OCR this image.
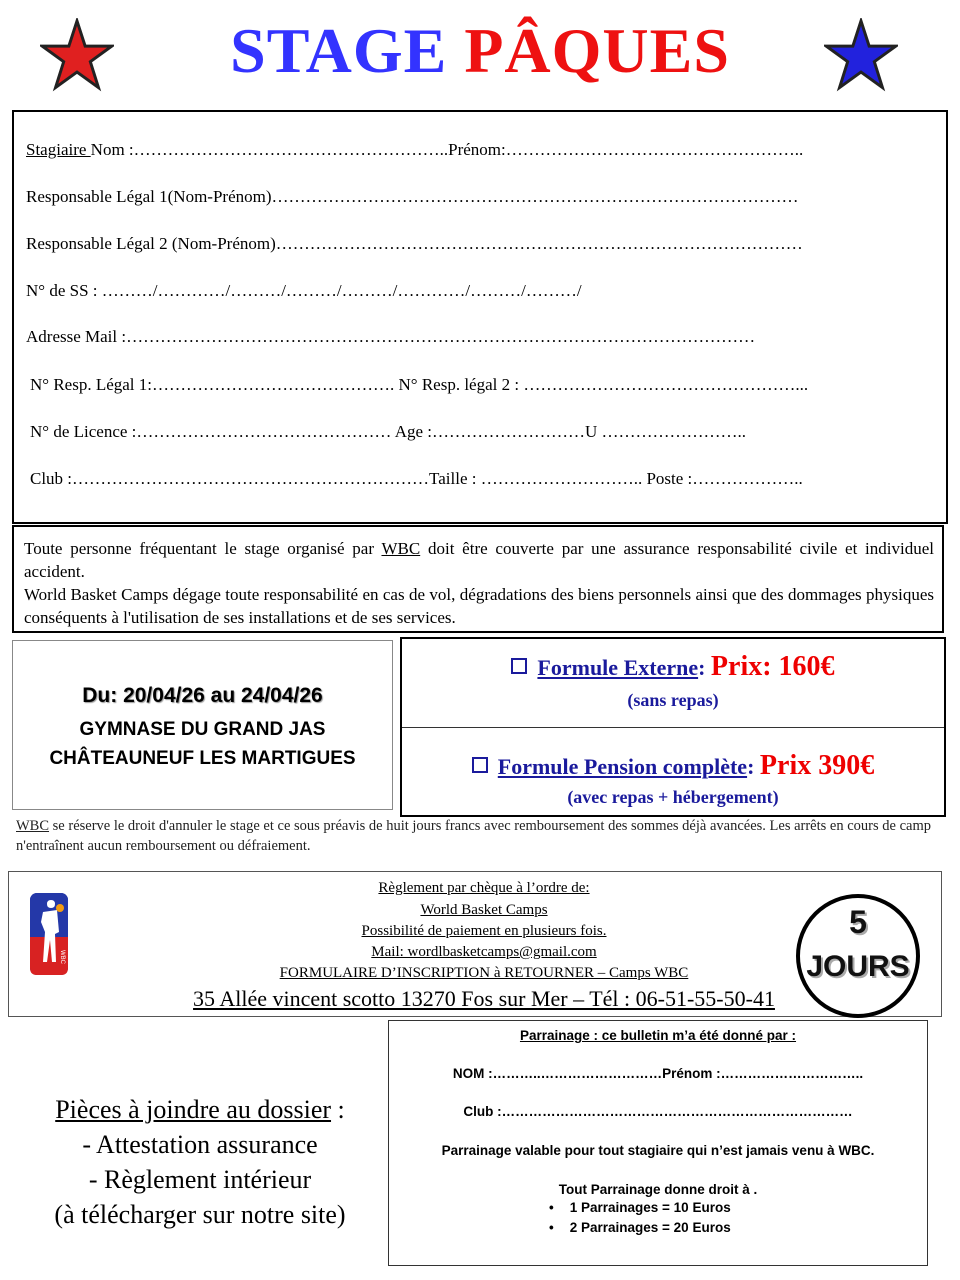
STAGE PÂQUES
Stagiaire Nom :………………………………………………..Prénom:……………………………………………..
Responsable Légal 1(Nom-Prénom)…………………………………………………………………………………
Responsable Légal 2 (Nom-Prénom)…………………………………………………………………………………
N° de SS : ………/…………/………/………/………/…………/………/………/
Adresse Mail :…………………………………………………………………………………………………
N° Resp. Légal 1:……………………………………. N° Resp. légal 2 : …………………………………………...
N° de Licence :……………………………………… Age :………………………U ……………………..
Club :………………………………………………………Taille : ……………………….. Poste :………………..
Toute personne fréquentant le stage organisé par WBC doit être couverte par une assurance responsabilité civile et individuel accident.
World Basket Camps dégage toute responsabilité en cas de vol, dégradations des biens personnels ainsi que des dommages physiques conséquents à l'utilisation de ses installations et de ses services.
Du: 20/04/26 au 24/04/26
GYMNASE DU GRAND JAS
CHÂTEAUNEUF LES MARTIGUES
Formule Externe: Prix: 160€
(sans repas)
Formule Pension complète: Prix 390€
(avec repas + hébergement)
WBC se réserve le droit d'annuler le stage et ce sous préavis de huit jours francs avec remboursement des sommes déjà avancées. Les arrêts en cours de camp n'entraînent aucun remboursement ou défraiement.
WBC
Règlement par chèque à l’ordre de:
World Basket Camps
Possibilité de paiement en plusieurs fois.
Mail: wordlbasketcamps@gmail.com
FORMULAIRE D’INSCRIPTION à RETOURNER – Camps WBC
35 Allée vincent scotto 13270 Fos sur Mer – Tél : 06-51-55-50-41
5
JOURS
Parrainage : ce bulletin m’a été donné par :
NOM :………..………………………Prénom :…………………………..
Club :……………………………………………………………………
Parrainage valable pour tout stagiaire qui n’est jamais venu à WBC.
Tout Parrainage donne droit à .
• 1 Parrainages = 10 Euros
• 2 Parrainages = 20 Euros
Pièces à joindre au dossier :
- Attestation assurance
- Règlement intérieur
(à télécharger sur notre site)
